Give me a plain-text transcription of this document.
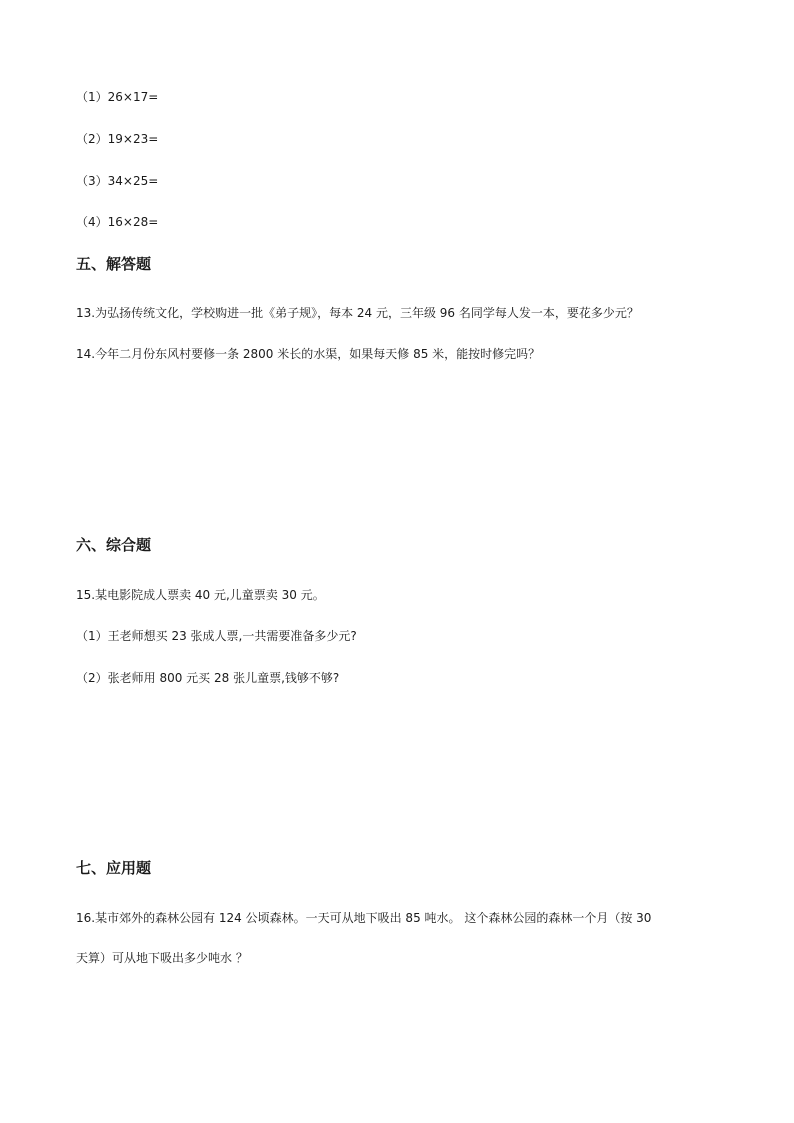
（1）26×17=
（2）19×23=
（3）34×25=
（4）16×28=
五、解答题
13.为弘扬传统文化，学校购进一批《弟子规》，每本 24 元，三年级 96 名同学每人发一本，要花多少元？
14.今年二月份东风村要修一条 2800 米长的水渠，如果每天修 85 米，能按时修完吗？
六、综合题
15.某电影院成人票卖 40 元,儿童票卖 30 元。
（1）王老师想买 23 张成人票,一共需要准备多少元?
（2）张老师用 800 元买 28 张儿童票,钱够不够?
七、应用题
16.某市郊外的森林公园有 124 公顷森林。一天可从地下吸出 85 吨水。 这个森林公园的森林一个月（按 30
天算）可从地下吸出多少吨水 ？
